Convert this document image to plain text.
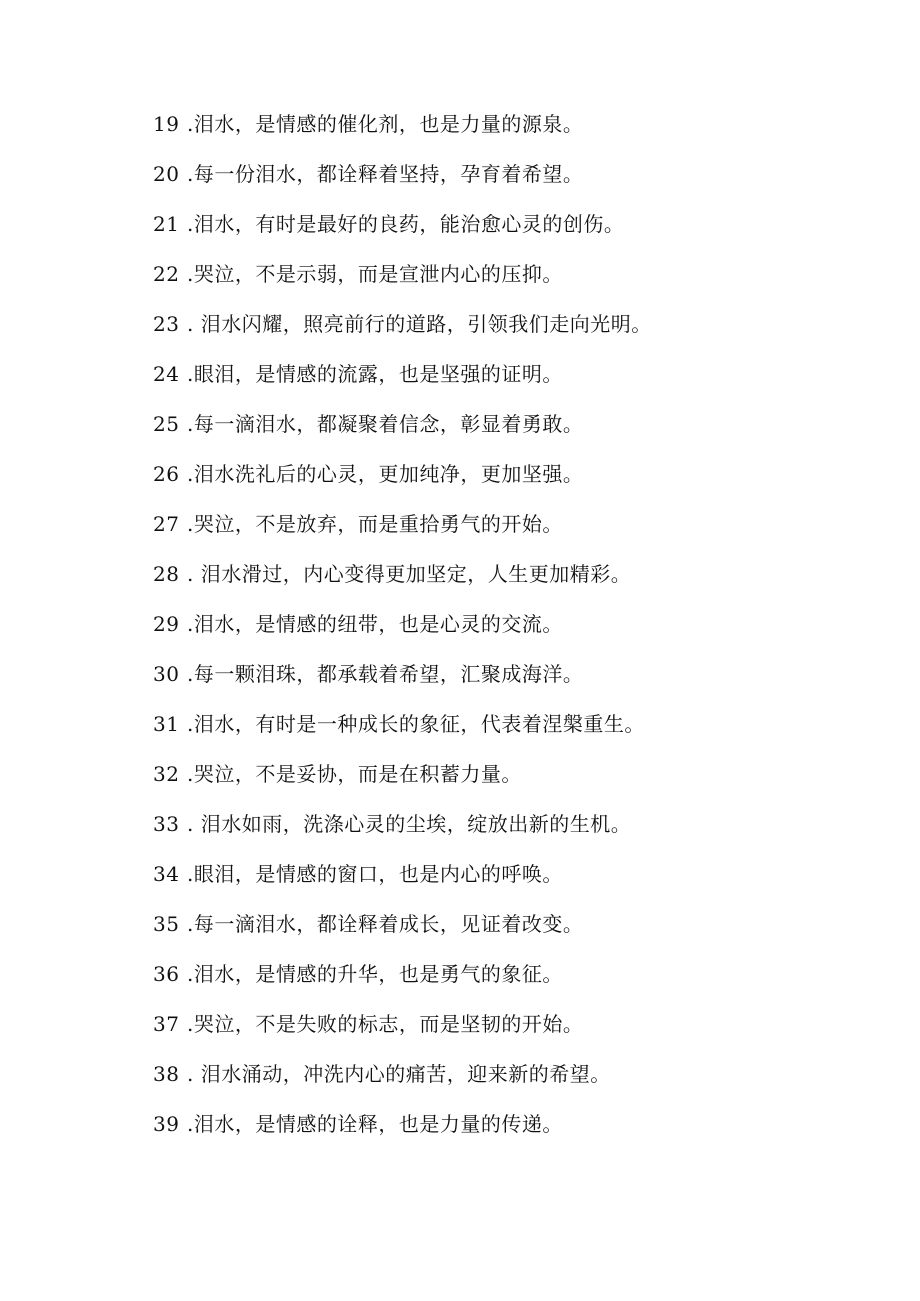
19 .泪水，是情感的催化剂，也是力量的源泉。
20 .每一份泪水，都诠释着坚持，孕育着希望。
21 .泪水，有时是最好的良药，能治愈心灵的创伤。
22 .哭泣，不是示弱，而是宣泄内心的压抑。
23 . 泪水闪耀，照亮前行的道路，引领我们走向光明。
24 .眼泪，是情感的流露，也是坚强的证明。
25 .每一滴泪水，都凝聚着信念，彰显着勇敢。
26 .泪水洗礼后的心灵，更加纯净，更加坚强。
27 .哭泣，不是放弃，而是重拾勇气的开始。
28 . 泪水滑过，内心变得更加坚定，人生更加精彩。
29 .泪水，是情感的纽带，也是心灵的交流。
30 .每一颗泪珠，都承载着希望，汇聚成海洋。
31 .泪水，有时是一种成长的象征，代表着涅槃重生。
32 .哭泣，不是妥协，而是在积蓄力量。
33 . 泪水如雨，洗涤心灵的尘埃，绽放出新的生机。
34 .眼泪，是情感的窗口，也是内心的呼唤。
35 .每一滴泪水，都诠释着成长，见证着改变。
36 .泪水，是情感的升华，也是勇气的象征。
37 .哭泣，不是失败的标志，而是坚韧的开始。
38 . 泪水涌动，冲洗内心的痛苦，迎来新的希望。
39 .泪水，是情感的诠释，也是力量的传递。
